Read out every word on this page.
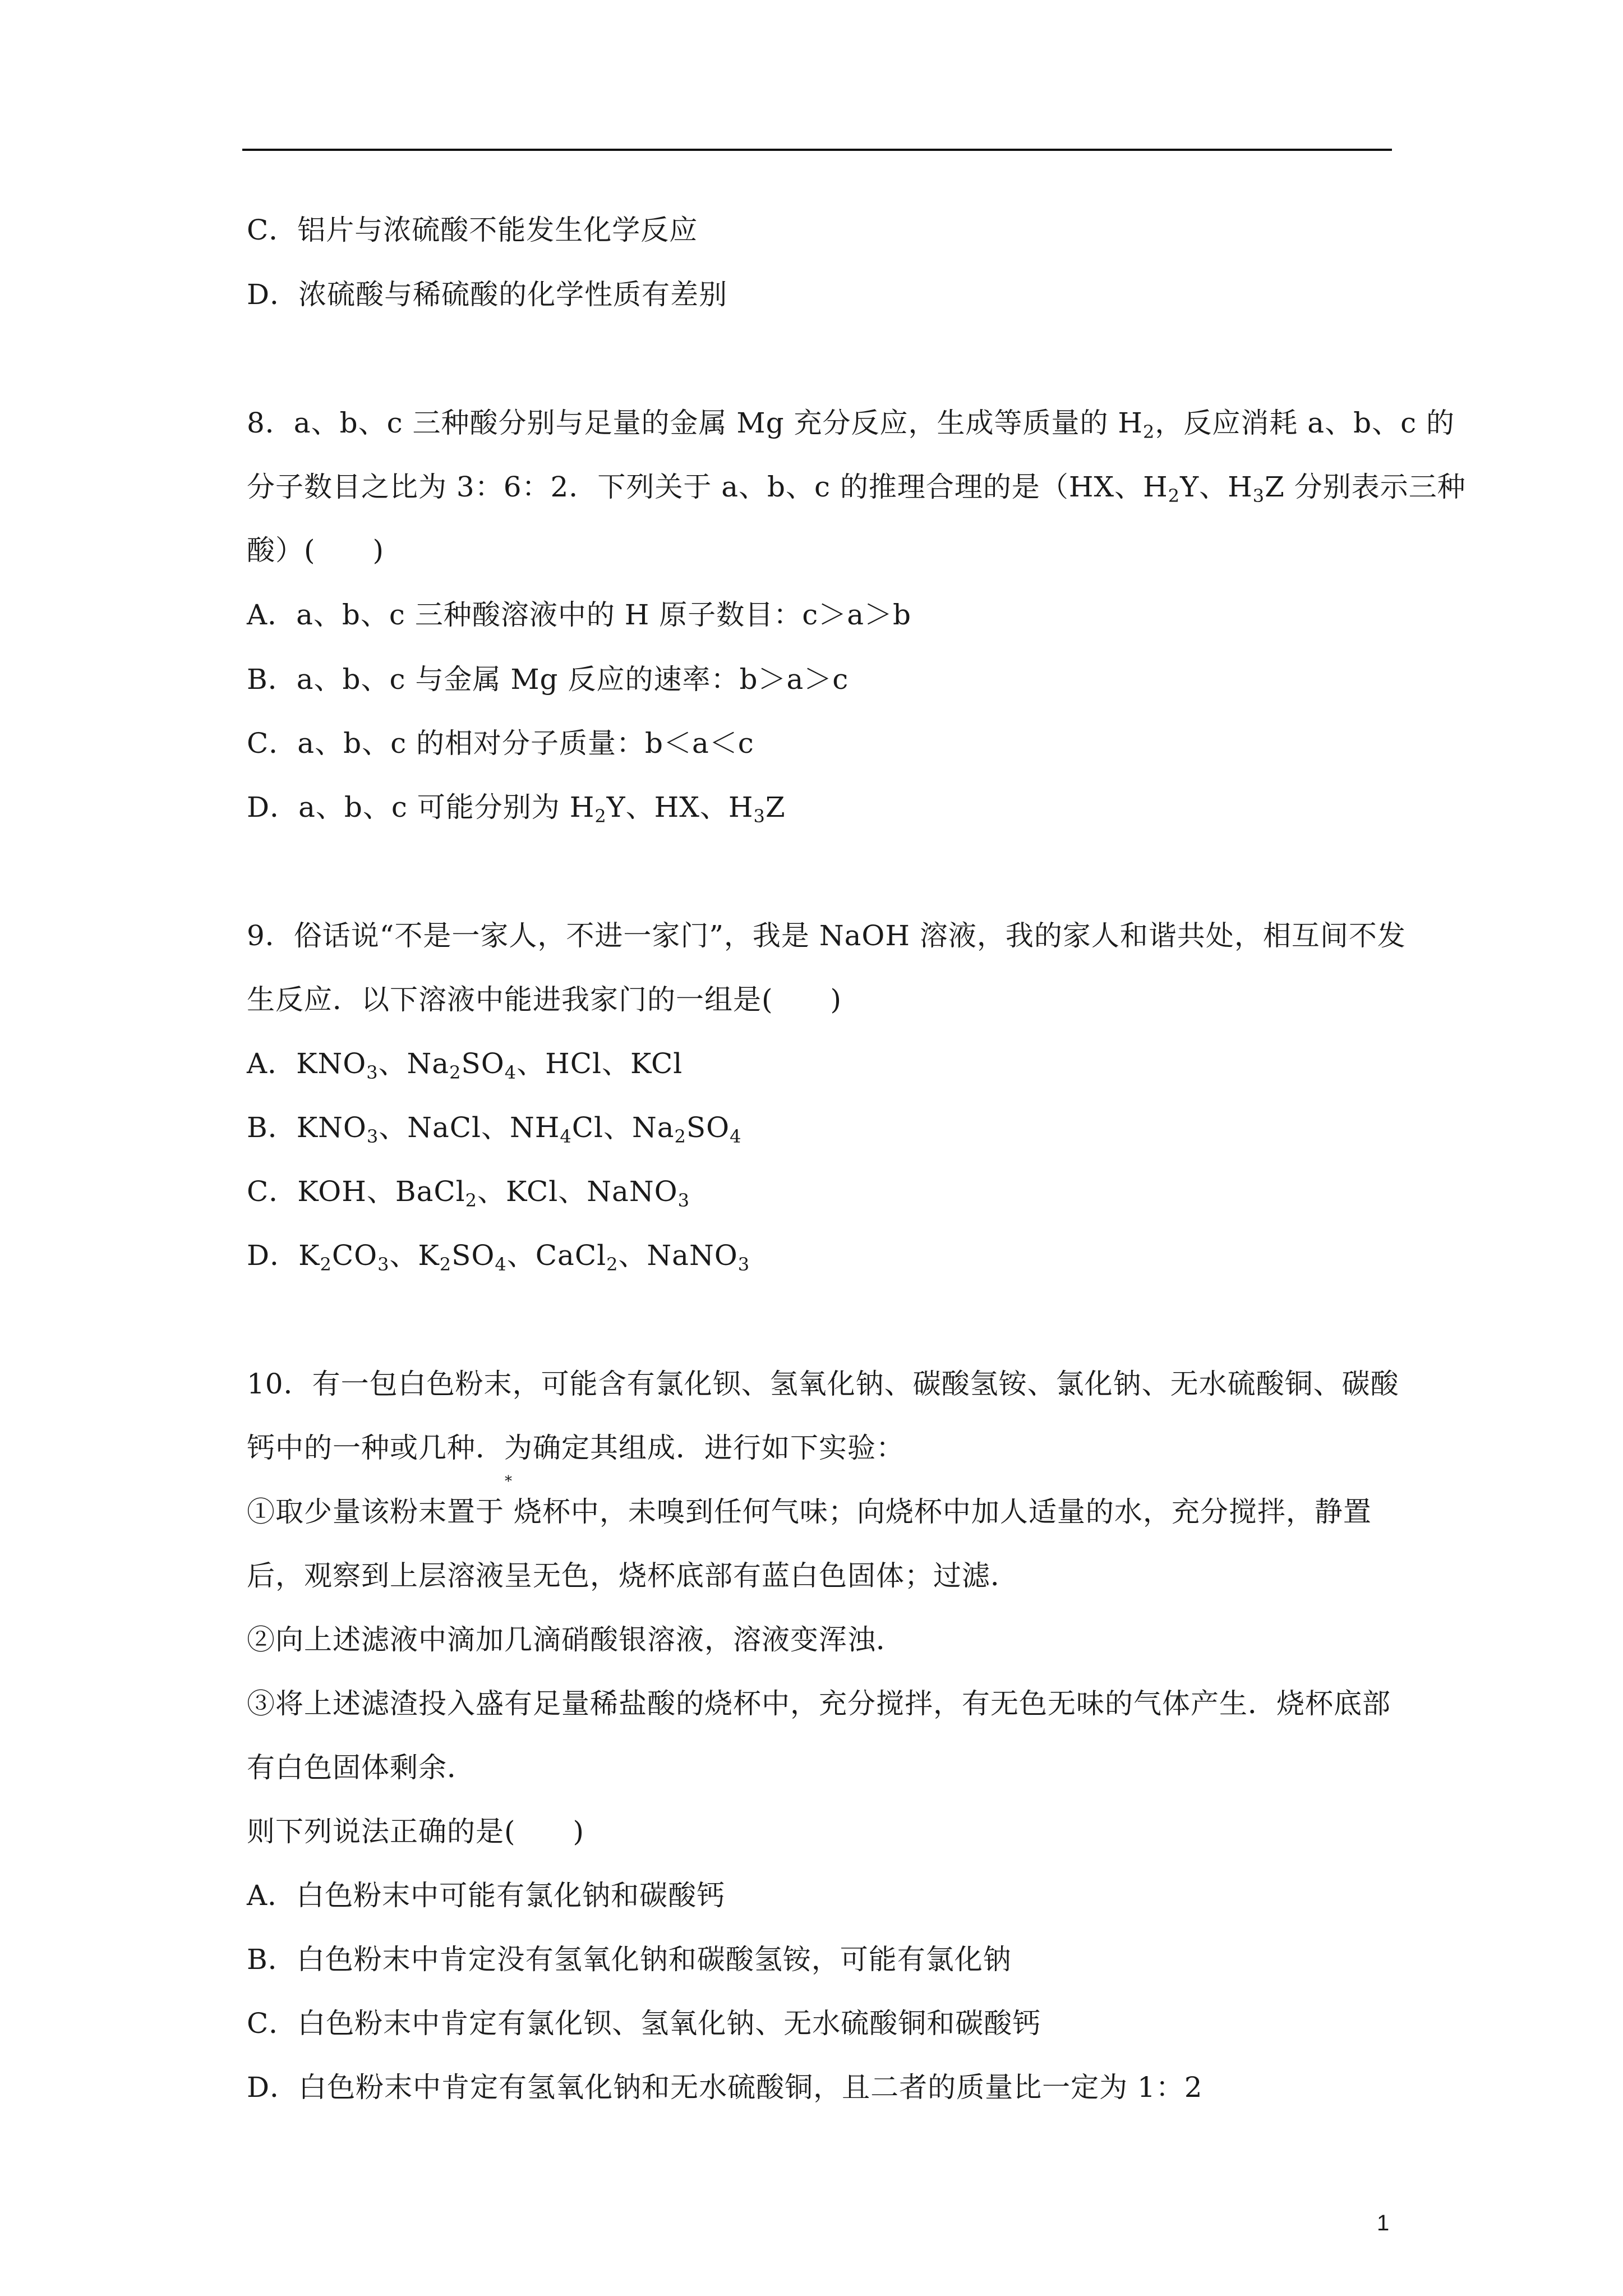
C．铝片与浓硫酸不能发生化学反应
D．浓硫酸与稀硫酸的化学性质有差别
8．a、b、c 三种酸分别与足量的金属 Mg 充分反应，生成等质量的 $H_2$，反应消耗 a、b、c 的
分子数目之比为 3：6：2．下列关于 a、b、c 的推理合理的是（HX、$H_2Y$、$H_3Z$ 分别表示三种
酸）(　　)
A．a、b、c 三种酸溶液中的 H 原子数目：c＞a＞b
B．a、b、c 与金属 Mg 反应的速率：b＞a＞c
C．a、b、c 的相对分子质量：b＜a＜c
D．a、b、c 可能分别为 $H_2Y$、HX、$H_3Z$
9．俗话说“不是一家人，不进一家门”，我是 NaOH 溶液，我的家人和谐共处，相互间不发
生反应．以下溶液中能进我家门的一组是(　　)
A．$KNO_3$、$Na_2SO_4$、HCl、KCl
B．$KNO_3$、NaCl、$NH_4Cl$、$Na_2SO_4$
C．KOH、BaCl$_2$、KCl、NaNO$_3$
D．$K_2CO_3$、$K_2SO_4$、CaCl$_2$、NaNO$_3$
10．有一包白色粉末，可能含有氯化钡、氢氧化钠、碳酸氢铵、氯化钠、无水硫酸铜、碳酸
钙中的一种或几种．为确定其组成．进行如下实验：
*
①取少量该粉末置于 烧杯中，未嗅到任何气味；向烧杯中加人适量的水，充分搅拌，静置
后，观察到上层溶液呈无色，烧杯底部有蓝白色固体；过滤．
②向上述滤液中滴加几滴硝酸银溶液，溶液变浑浊．
③将上述滤渣投入盛有足量稀盐酸的烧杯中，充分搅拌，有无色无味的气体产生．烧杯底部
有白色固体剩余．
则下列说法正确的是(　　)
A．白色粉末中可能有氯化钠和碳酸钙
B．白色粉末中肯定没有氢氧化钠和碳酸氢铵，可能有氯化钠
C．白色粉末中肯定有氯化钡、氢氧化钠、无水硫酸铜和碳酸钙
D．白色粉末中肯定有氢氧化钠和无水硫酸铜，且二者的质量比一定为 1：2
1
